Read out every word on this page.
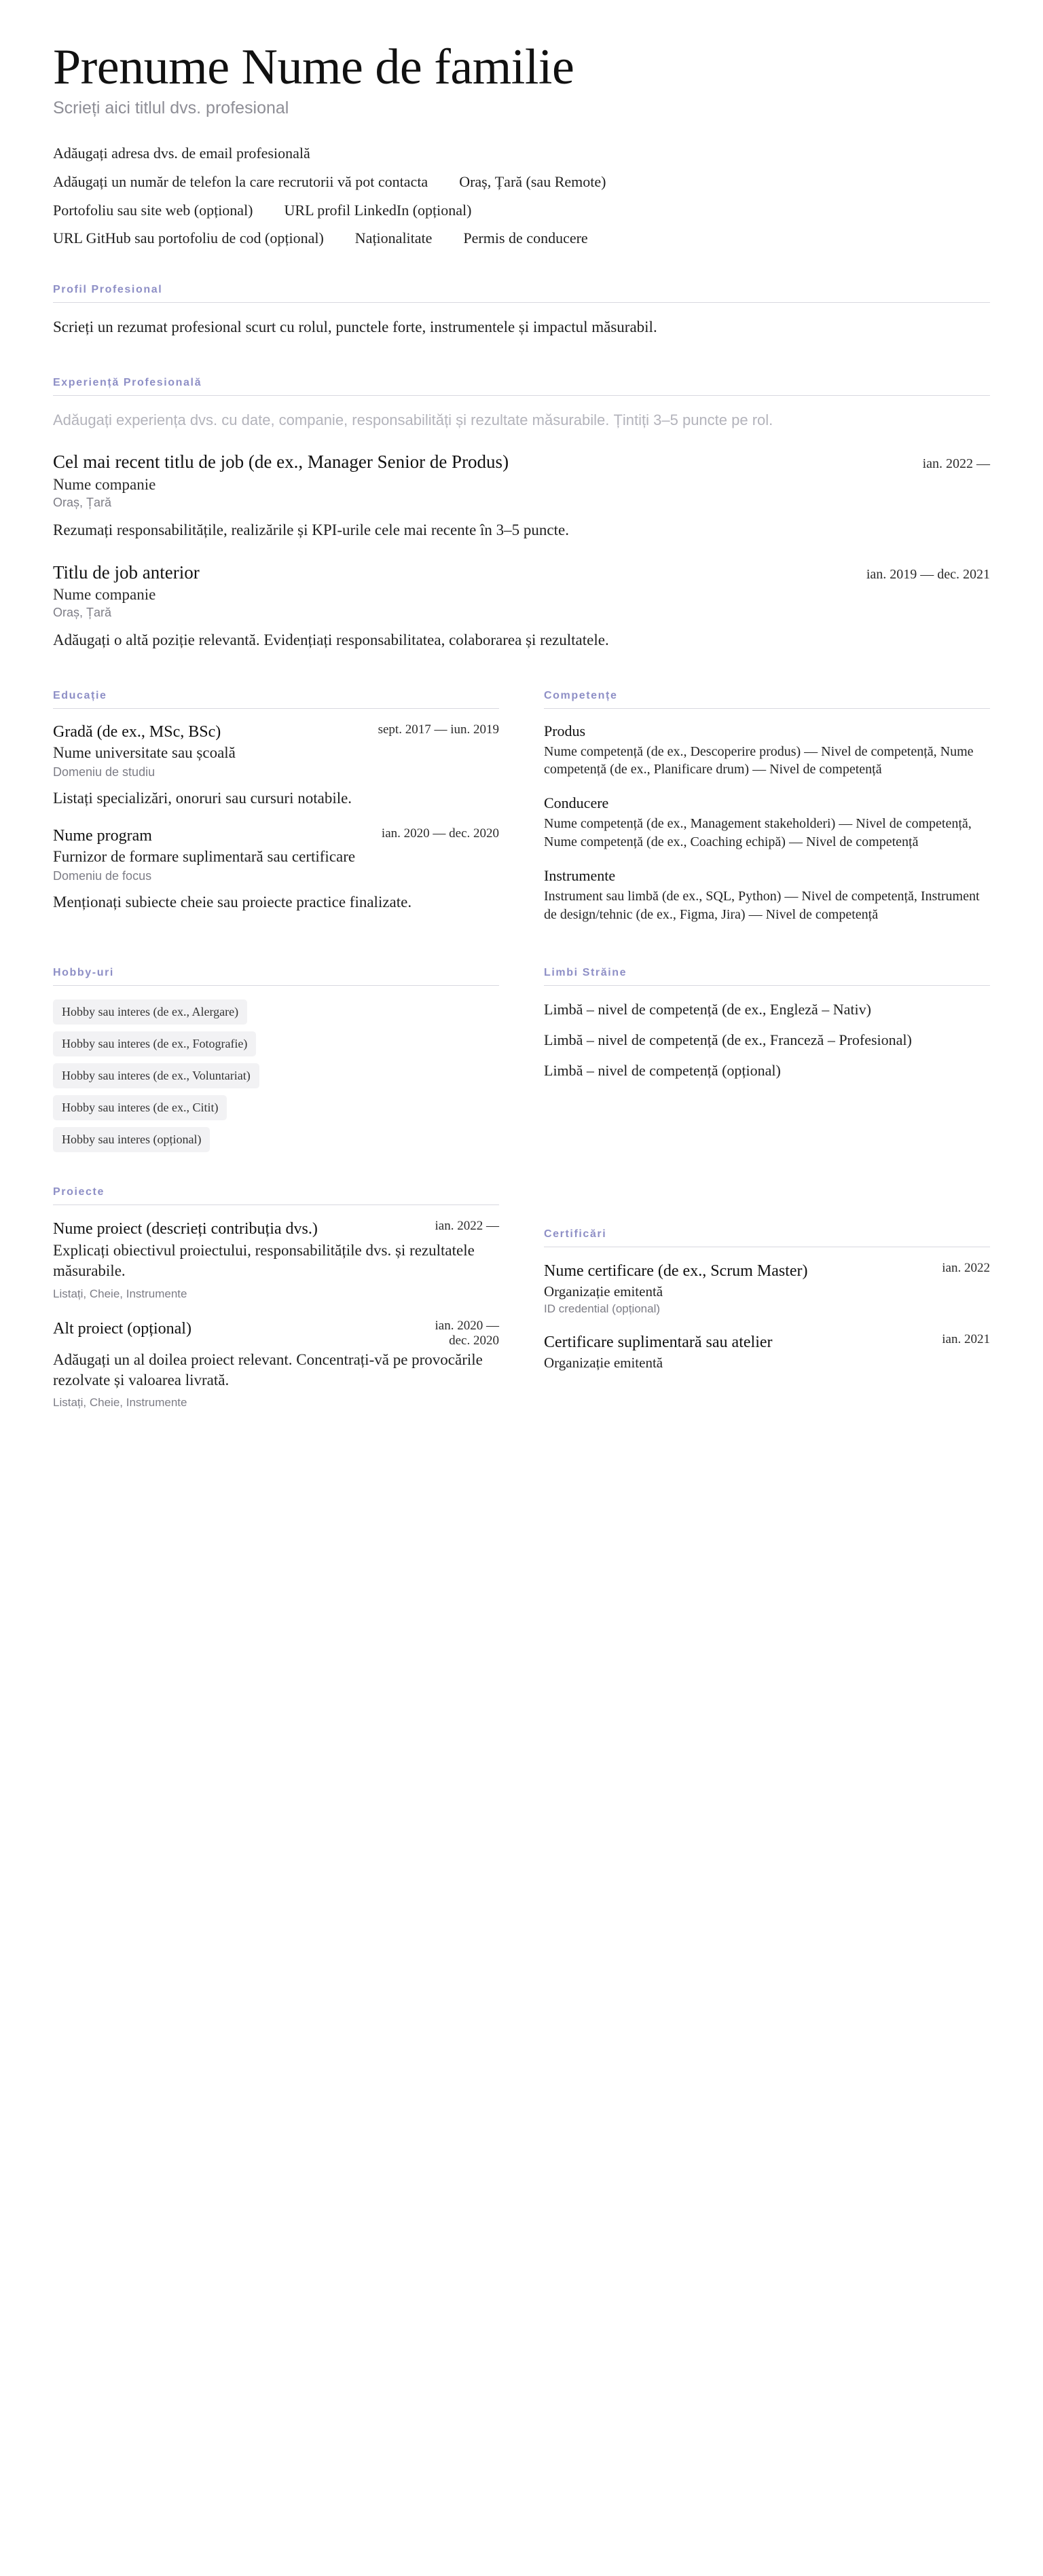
Prenume Nume de familie
Scrieți aici titlul dvs. profesional
Adăugați adresa dvs. de email profesională
Adăugați un număr de telefon la care recrutorii vă pot contacta Oraș, Țară (sau Remote)
Portofoliu sau site web (opțional) URL profil LinkedIn (opțional)
URL GitHub sau portofoliu de cod (opțional) Naționalitate Permis de conducere
Profil Profesional

Scrieți un rezumat profesional scurt cu rolul, punctele forte, instrumentele și impactul măsurabil.

Experiență Profesională

Adăugați experiența dvs. cu date, companie, responsabilități și rezultate măsurabile. Țintiți 3–5 puncte pe rol.

Cel mai recent titlu de job (de ex., Manager Senior de Produs)	ian. 2022 —
Nume companie
Oraș, Țară
Rezumați responsabilitățile, realizările și KPI-urile cele mai recente în 3–5 puncte.
Titlu de job anterior	ian. 2019 — dec. 2021
Nume companie
Oraș, Țară
Adăugați o altă poziție relevantă. Evidențiați responsabilitatea, colaborarea și rezultatele.
Educație
Gradă (de ex., MSc, BSc)	sept. 2017 — iun. 2019
Nume universitate sau școală
Domeniu de studiu
Listați specializări, onoruri sau cursuri notabile.
Nume program	ian. 2020 — dec. 2020
Furnizor de formare suplimentară sau certificare
Domeniu de focus
Menționați subiecte cheie sau proiecte practice finalizate.
Competențe
Produs
Nume competență (de ex., Descoperire produs) — Nivel de competență, Nume competență (de ex., Planificare drum) — Nivel de competență
Conducere
Nume competență (de ex., Management stakeholderi) — Nivel de competență, Nume competență (de ex., Coaching echipă) — Nivel de competență
Instrumente
Instrument sau limbă (de ex., SQL, Python) — Nivel de competență, Instrument de design/tehnic (de ex., Figma, Jira) — Nivel de competență
Hobby-uri
Hobby sau interes (de ex., Alergare)
Hobby sau interes (de ex., Fotografie)
Hobby sau interes (de ex., Voluntariat)
Hobby sau interes (de ex., Citit)
Hobby sau interes (opțional)
Limbi Străine
Limbă – nivel de competență (de ex., Engleză – Nativ)
Limbă – nivel de competență (de ex., Franceză – Profesional)
Limbă – nivel de competență (opțional)
Proiecte
Nume proiect (descrieți contribuția dvs.)	ian. 2022 —
Explicați obiectivul proiectului, responsabilitățile dvs. și rezultatele măsurabile.
Listați, Cheie, Instrumente
Alt proiect (opțional)	ian. 2020 — dec. 2020
Adăugați un al doilea proiect relevant. Concentrați-vă pe provocările rezolvate și valoarea livrată.
Listați, Cheie, Instrumente
Certificări
Nume certificare (de ex., Scrum Master)	ian. 2022
Organizație emitentă
ID credential (opțional)
Certificare suplimentară sau atelier	ian. 2021
Organizație emitentă
